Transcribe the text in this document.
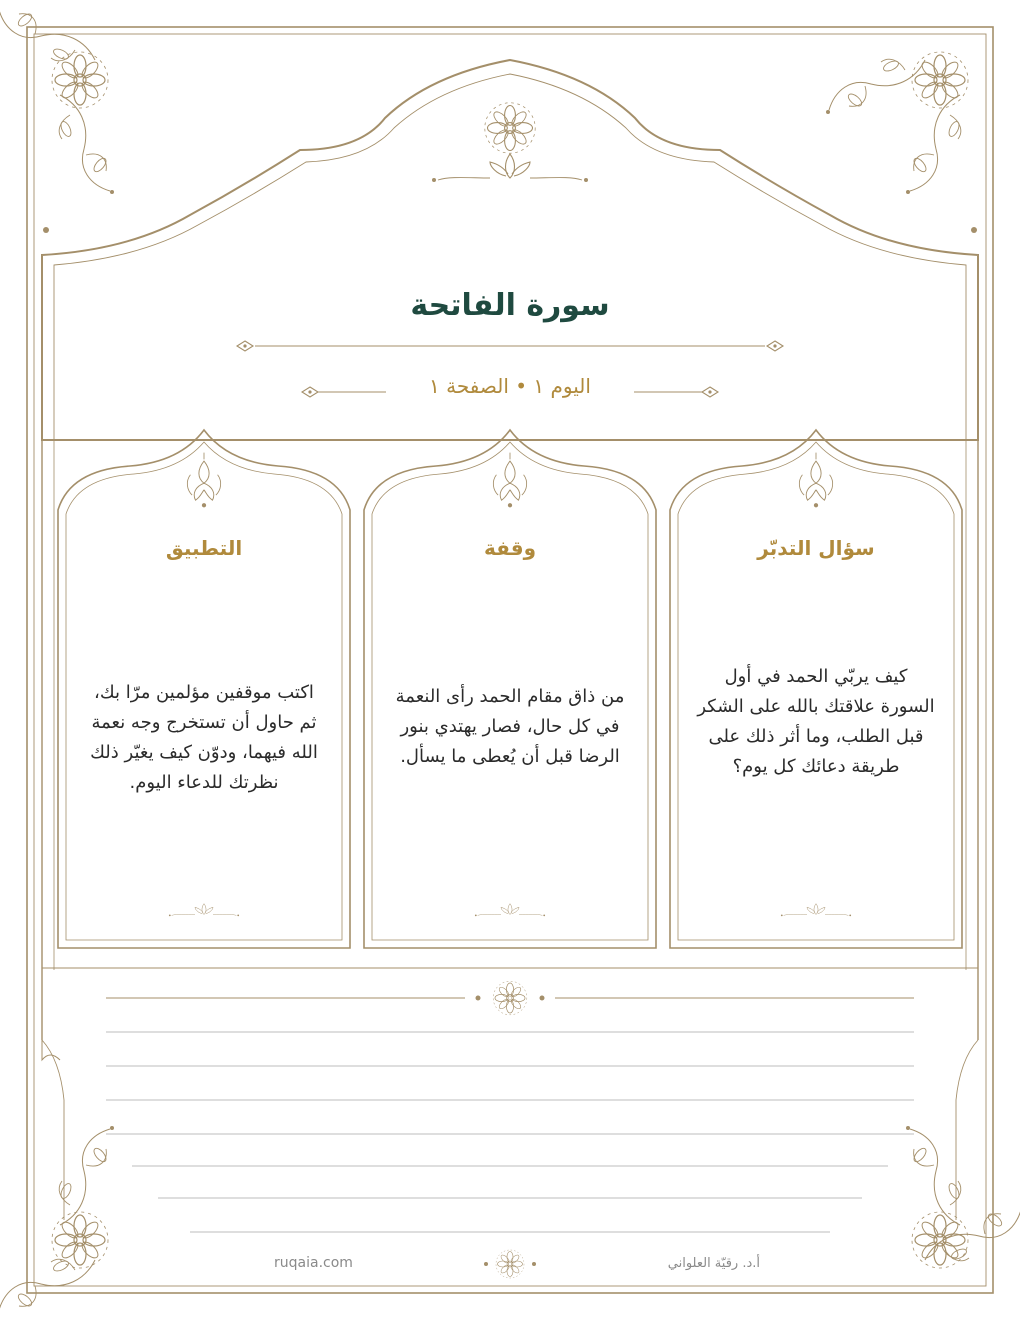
سورة الفاتحة
اليوم ١ • الصفحة ١
سؤال التدبّر
كيف يربّي الحمد في أول السورة علاقتك بالله على الشكر قبل الطلب، وما أثر ذلك على طريقة دعائك كل يوم؟
وقفة
من ذاق مقام الحمد رأى النعمة في كل حال، فصار يهتدي بنور الرضا قبل أن يُعطى ما يسأل.
التطبيق
اكتب موقفين مؤلمين مرّا بك، ثم حاول أن تستخرج وجه نعمة الله فيهما، ودوّن كيف يغيّر ذلك نظرتك للدعاء اليوم.
ruqaia.com	أ.د. رقيّة العلواني
